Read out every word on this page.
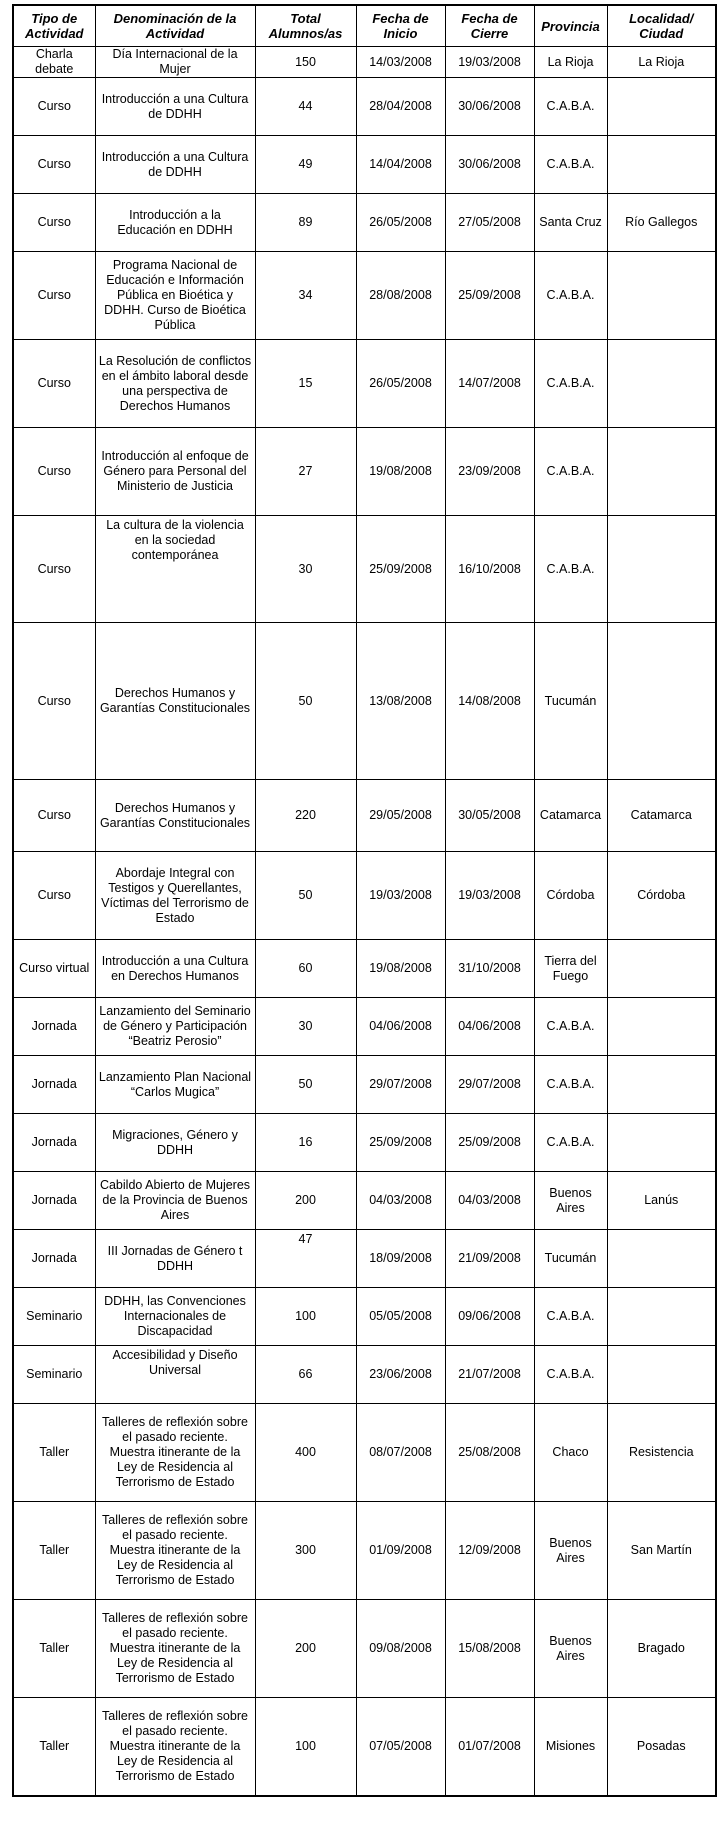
Tipo de Actividad	Denominación de la Actividad	Total Alumnos/as	Fecha de Inicio	Fecha de Cierre	Provincia	Localidad/ Ciudad
Charla debate	Día Internacional de la Mujer	150	14/03/2008	19/03/2008	La Rioja	La Rioja
Curso	Introducción a una Cultura de DDHH	44	28/04/2008	30/06/2008	C.A.B.A.	
Curso	Introducción a una Cultura de DDHH	49	14/04/2008	30/06/2008	C.A.B.A.	
Curso	Introducción a la Educación en DDHH	89	26/05/2008	27/05/2008	Santa Cruz	Río Gallegos
Curso	Programa Nacional de Educación e Información Pública en Bioética y DDHH. Curso de Bioética Pública	34	28/08/2008	25/09/2008	C.A.B.A.	
Curso	La Resolución de conflictos en el ámbito laboral desde una perspectiva de Derechos Humanos	15	26/05/2008	14/07/2008	C.A.B.A.	
Curso	Introducción al enfoque de Género para Personal del Ministerio de Justicia	27	19/08/2008	23/09/2008	C.A.B.A.	
Curso	La cultura de la violencia en la sociedad contemporánea	30	25/09/2008	16/10/2008	C.A.B.A.	
Curso	Derechos Humanos y Garantías Constitucionales	50	13/08/2008	14/08/2008	Tucumán	
Curso	Derechos Humanos y Garantías Constitucionales	220	29/05/2008	30/05/2008	Catamarca	Catamarca
Curso	Abordaje Integral con Testigos y Querellantes, Víctimas del Terrorismo de Estado	50	19/03/2008	19/03/2008	Córdoba	Córdoba
Curso virtual	Introducción a una Cultura en Derechos Humanos	60	19/08/2008	31/10/2008	Tierra del Fuego	
Jornada	Lanzamiento del Seminario de Género y Participación “Beatriz Perosio”	30	04/06/2008	04/06/2008	C.A.B.A.	
Jornada	Lanzamiento Plan Nacional “Carlos Mugica”	50	29/07/2008	29/07/2008	C.A.B.A.	
Jornada	Migraciones, Género y DDHH	16	25/09/2008	25/09/2008	C.A.B.A.	
Jornada	Cabildo Abierto de Mujeres de la Provincia de Buenos Aires	200	04/03/2008	04/03/2008	Buenos Aires	Lanús
Jornada	III Jornadas de Género t DDHH	47	18/09/2008	21/09/2008	Tucumán	
Seminario	DDHH, las Convenciones Internacionales de Discapacidad	100	05/05/2008	09/06/2008	C.A.B.A.	
Seminario	Accesibilidad y Diseño Universal	66	23/06/2008	21/07/2008	C.A.B.A.	
Taller	Talleres de reflexión sobre el pasado reciente. Muestra itinerante de la Ley de Residencia al Terrorismo de Estado	400	08/07/2008	25/08/2008	Chaco	Resistencia
Taller	Talleres de reflexión sobre el pasado reciente. Muestra itinerante de la Ley de Residencia al Terrorismo de Estado	300	01/09/2008	12/09/2008	Buenos Aires	San Martín
Taller	Talleres de reflexión sobre el pasado reciente. Muestra itinerante de la Ley de Residencia al Terrorismo de Estado	200	09/08/2008	15/08/2008	Buenos Aires	Bragado
Taller	Talleres de reflexión sobre el pasado reciente. Muestra itinerante de la Ley de Residencia al Terrorismo de Estado	100	07/05/2008	01/07/2008	Misiones	Posadas
